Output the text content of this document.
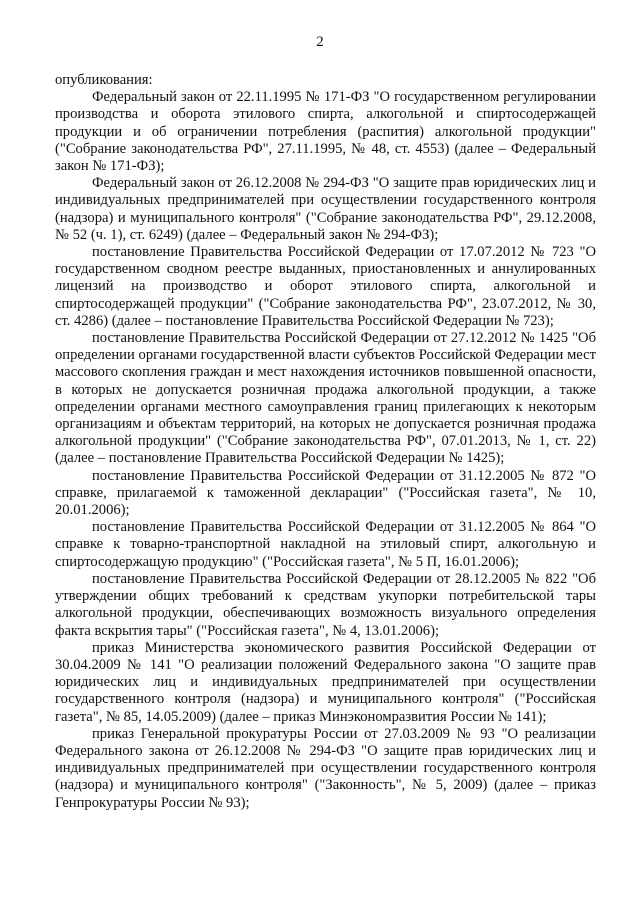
2

опубликования:

Федеральный закон от 22.11.1995 № 171-ФЗ "О государственном регулировании производства и оборота этилового спирта, алкогольной и спиртосодержащей продукции и об ограничении потребления (распития) алкогольной продукции" ("Собрание законодательства РФ", 27.11.1995, № 48, ст. 4553) (далее – Федеральный закон № 171-ФЗ);

Федеральный закон от 26.12.2008 № 294-ФЗ "О защите прав юридических лиц и индивидуальных предпринимателей при осуществлении государственного контроля (надзора) и муниципального контроля" ("Собрание законодательства РФ", 29.12.2008, № 52 (ч. 1), ст. 6249) (далее – Федеральный закон № 294-ФЗ);

постановление Правительства Российской Федерации от 17.07.2012 № 723 "О государственном сводном реестре выданных, приостановленных и аннулированных лицензий на производство и оборот этилового спирта, алкогольной и спиртосодержащей продукции" ("Собрание законодательства РФ", 23.07.2012, № 30, ст. 4286) (далее – постановление Правительства Российской Федерации № 723);

постановление Правительства Российской Федерации от 27.12.2012 № 1425 "Об определении органами государственной власти субъектов Российской Федерации мест массового скопления граждан и мест нахождения источников повышенной опасности, в которых не допускается розничная продажа алкогольной продукции, а также определении органами местного самоуправления границ прилегающих к некоторым организациям и объектам территорий, на которых не допускается розничная продажа алкогольной продукции" ("Собрание законодательства РФ", 07.01.2013, № 1, ст. 22) (далее – постановление Правительства Российской Федерации № 1425);

постановление Правительства Российской Федерации от 31.12.2005 № 872 "О справке, прилагаемой к таможенной декларации" ("Российская газета", № 10, 20.01.2006);

постановление Правительства Российской Федерации от 31.12.2005 № 864 "О справке к товарно-транспортной накладной на этиловый спирт, алкогольную и спиртосодержащую продукцию" ("Российская газета", № 5 П, 16.01.2006);

постановление Правительства Российской Федерации от 28.12.2005 № 822 "Об утверждении общих требований к средствам укупорки потребительской тары алкогольной продукции, обеспечивающих возможность визуального определения факта вскрытия тары" ("Российская газета", № 4, 13.01.2006);

приказ Министерства экономического развития Российской Федерации от 30.04.2009 № 141 "О реализации положений Федерального закона "О защите прав юридических лиц и индивидуальных предпринимателей при осуществлении государственного контроля (надзора) и муниципального контроля" ("Российская газета", № 85, 14.05.2009) (далее – приказ Минэкономразвития России № 141);

приказ Генеральной прокуратуры России от 27.03.2009 № 93 "О реализации Федерального закона от 26.12.2008 № 294-ФЗ "О защите прав юридических лиц и индивидуальных предпринимателей при осуществлении государственного контроля (надзора) и муниципального контроля" ("Законность", № 5, 2009) (далее – приказ Генпрокуратуры России № 93);
